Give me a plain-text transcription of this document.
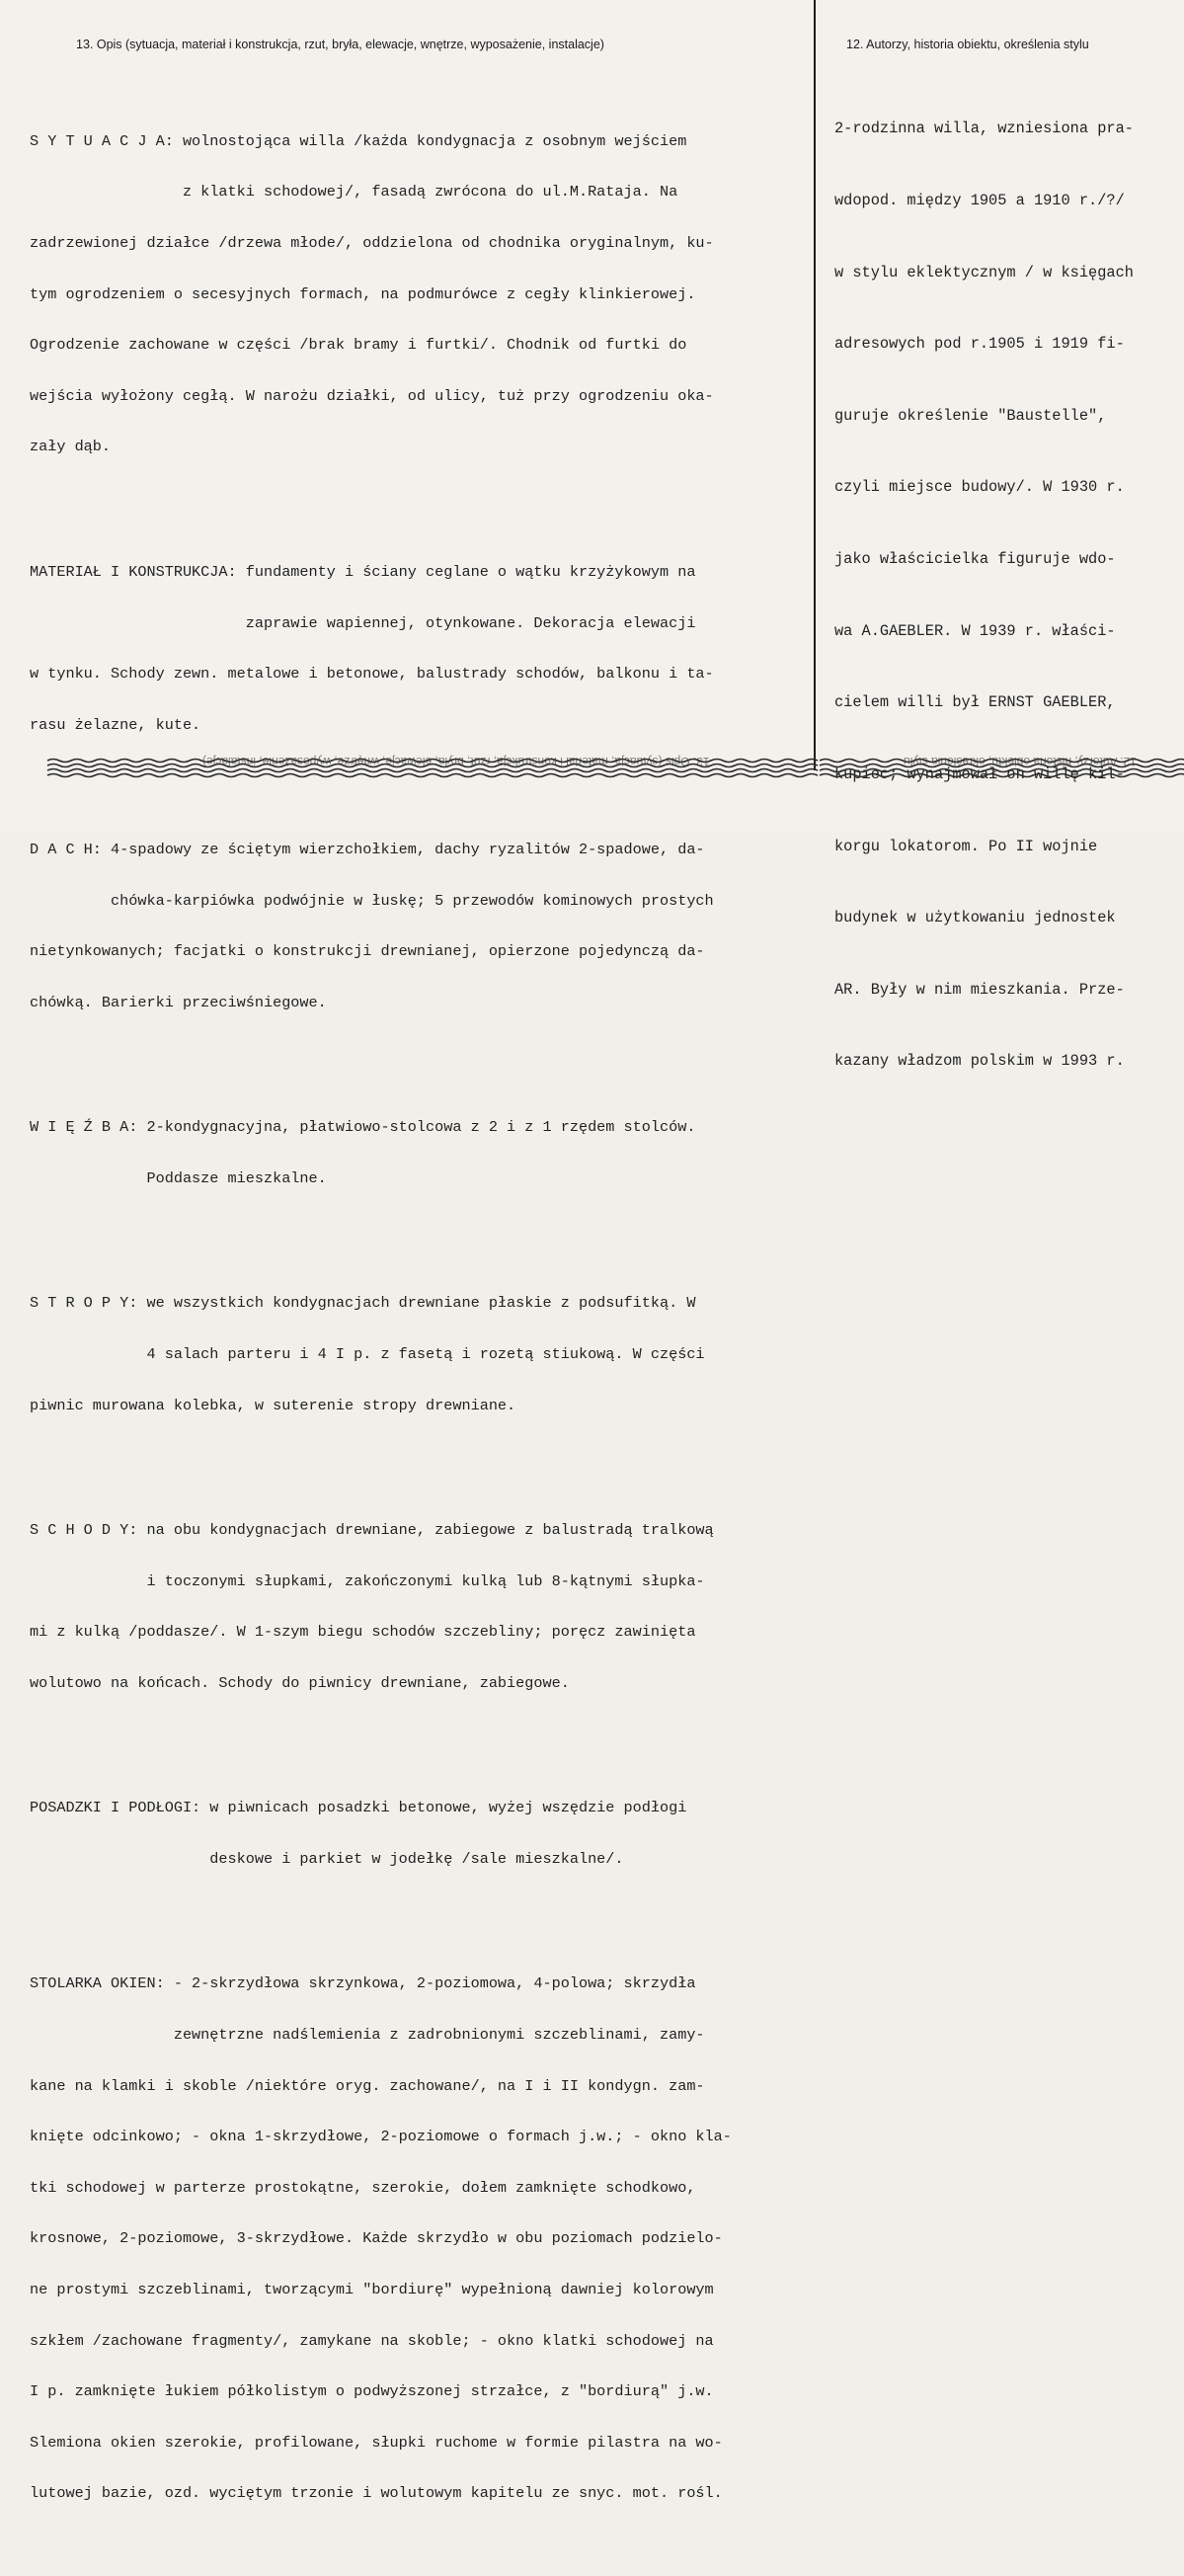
13. Opis (sytuacja, materiał i konstrukcja, rzut, bryła, elewacje, wnętrze, wyposażenie, instalacje)	12. Autorzy, historia obiektu, określenia stylu

S Y T U A C J A: wolnostojąca willa /każda kondygnacja z osobnym wejściem

z klatki schodowej/, fasadą zwrócona do ul.M.Rataja. Na

zadrzewionej działce /drzewa młode/, oddzielona od chodnika oryginalnym, ku-

tym ogrodzeniem o secesyjnych formach, na podmurówce z cegły klinkierowej.

Ogrodzenie zachowane w części /brak bramy i furtki/. Chodnik od furtki do

wejścia wyłożony cegłą. W narożu działki, od ulicy, tuż przy ogrodzeniu oka-

zały dąb.

MATERIAŁ I KONSTRUKCJA: fundamenty i ściany ceglane o wątku krzyżykowym na

zaprawie wapiennej, otynkowane. Dekoracja elewacji

w tynku. Schody zewn. metalowe i betonowe, balustrady schodów, balkonu i ta-

rasu żelazne, kute.

D A C H: 4-spadowy ze ściętym wierzchołkiem, dachy ryzalitów 2-spadowe, da-

chówka-karpiówka podwójnie w łuskę; 5 przewodów kominowych prostych

nietynkowanych; facjatki o konstrukcji drewnianej, opierzone pojedynczą da-

chówką. Barierki przeciwśniegowe.

W I Ę Ź B A: 2-kondygnacyjna, płatwiowo-stolcowa z 2 i z 1 rzędem stolców.

Poddasze mieszkalne.

S T R O P Y: we wszystkich kondygnacjach drewniane płaskie z podsufitką. W

4 salach parteru i 4 I p. z fasetą i rozetą stiukową. W części

piwnic murowana kolebka, w suterenie stropy drewniane.

S C H O D Y: na obu kondygnacjach drewniane, zabiegowe z balustradą tralkową

i toczonymi słupkami, zakończonymi kulką lub 8-kątnymi słupka-

mi z kulką /poddasze/. W 1-szym biegu schodów szczebliny; poręcz zawinięta

wolutowo na końcach. Schody do piwnicy drewniane, zabiegowe.

POSADZKI I PODŁOGI: w piwnicach posadzki betonowe, wyżej wszędzie podłogi

deskowe i parkiet w jodełkę /sale mieszkalne/.

STOLARKA OKIEN: - 2-skrzydłowa skrzynkowa, 2-poziomowa, 4-polowa; skrzydła

zewnętrzne nadślemienia z zadrobnionymi szczeblinami, zamy-

kane na klamki i skoble /niektóre oryg. zachowane/, na I i II kondygn. zam-

knięte odcinkowo; - okna 1-skrzydłowe, 2-poziomowe o formach j.w.; - okno kla-

tki schodowej w parterze prostokątne, szerokie, dołem zamknięte schodkowo,

krosnowe, 2-poziomowe, 3-skrzydłowe. Każde skrzydło w obu poziomach podzielo-

ne prostymi szczeblinami, tworzącymi "bordiurę" wypełnioną dawniej kolorowym

szkłem /zachowane fragmenty/, zamykane na skoble; - okno klatki schodowej na

I p. zamknięte łukiem półkolistym o podwyższonej strzałce, z "bordiurą" j.w.

Slemiona okien szerokie, profilowane, słupki ruchome w formie pilastra na wo-

lutowej bazie, ozd. wyciętym trzonie i wolutowym kapitelu ze snyc. mot. rośl.

2-rodzinna willa, wzniesiona pra-

wdopod. między 1905 a 1910 r./?/

w stylu eklektycznym / w księgach

adresowych pod r.1905 i 1919 fi-

guruje określenie "Baustelle",

czyli miejsce budowy/. W 1930 r.

jako właścicielka figuruje wdo-

wa A.GAEBLER. W 1939 r. właści-

cielem willi był ERNST GAEBLER,

kupiec; wynajmował on willę kil-

korgu lokatorom. Po II wojnie

budynek w użytkowaniu jednostek

AR. Były w nim mieszkania. Prze-

kazany władzom polskim w 1993 r.

13. Opis (sytuacja, materiał i konstrukcja, rzut, bryła, elewacje, wnętrze, wyposażenie, instalacje)	12. Autorzy, historia obiektu, określenia stylu
